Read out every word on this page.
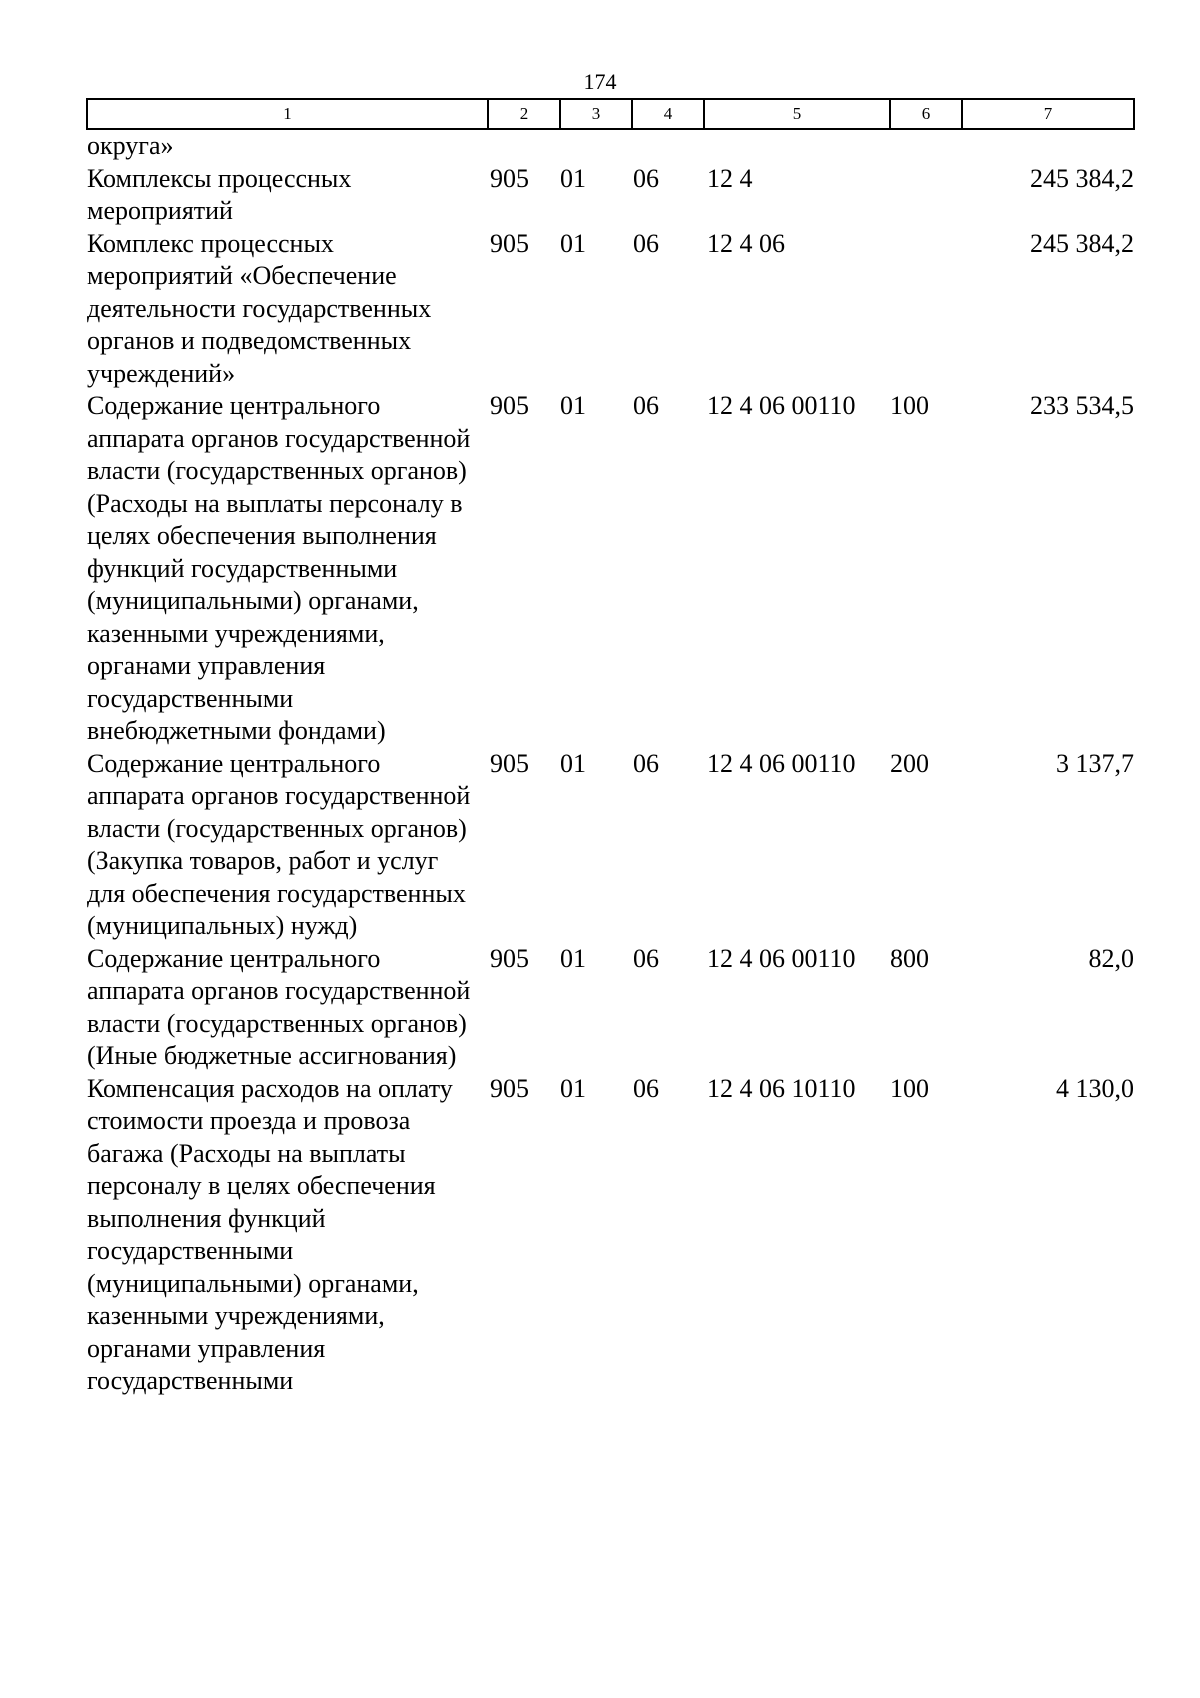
174
1	2	3	4	5	6	7
округа»						
Комплексы процессных мероприятий	905	01	06	12 4		245 384,2
Комплекс процессных мероприятий «Обеспечение деятельности государственных органов и подведомственных учреждений»	905	01	06	12 4 06		245 384,2
Содержание центрального аппарата органов государственной власти (государственных органов) (Расходы на выплаты персоналу в целях обеспечения выполнения функций государственными (муниципальными) органами, казенными учреждениями, органами управления государственными внебюджетными фондами)	905	01	06	12 4 06 00110	100	233 534,5
Содержание центрального аппарата органов государственной власти (государственных органов) (Закупка товаров, работ и услуг для обеспечения государственных (муниципальных) нужд)	905	01	06	12 4 06 00110	200	3 137,7
Содержание центрального аппарата органов государственной власти (государственных органов) (Иные бюджетные ассигнования)	905	01	06	12 4 06 00110	800	82,0
Компенсация расходов на оплату стоимости проезда и провоза багажа (Расходы на выплаты персоналу в целях обеспечения выполнения функций государственными (муниципальными) органами, казенными учреждениями, органами управления государственными	905	01	06	12 4 06 10110	100	4 130,0
